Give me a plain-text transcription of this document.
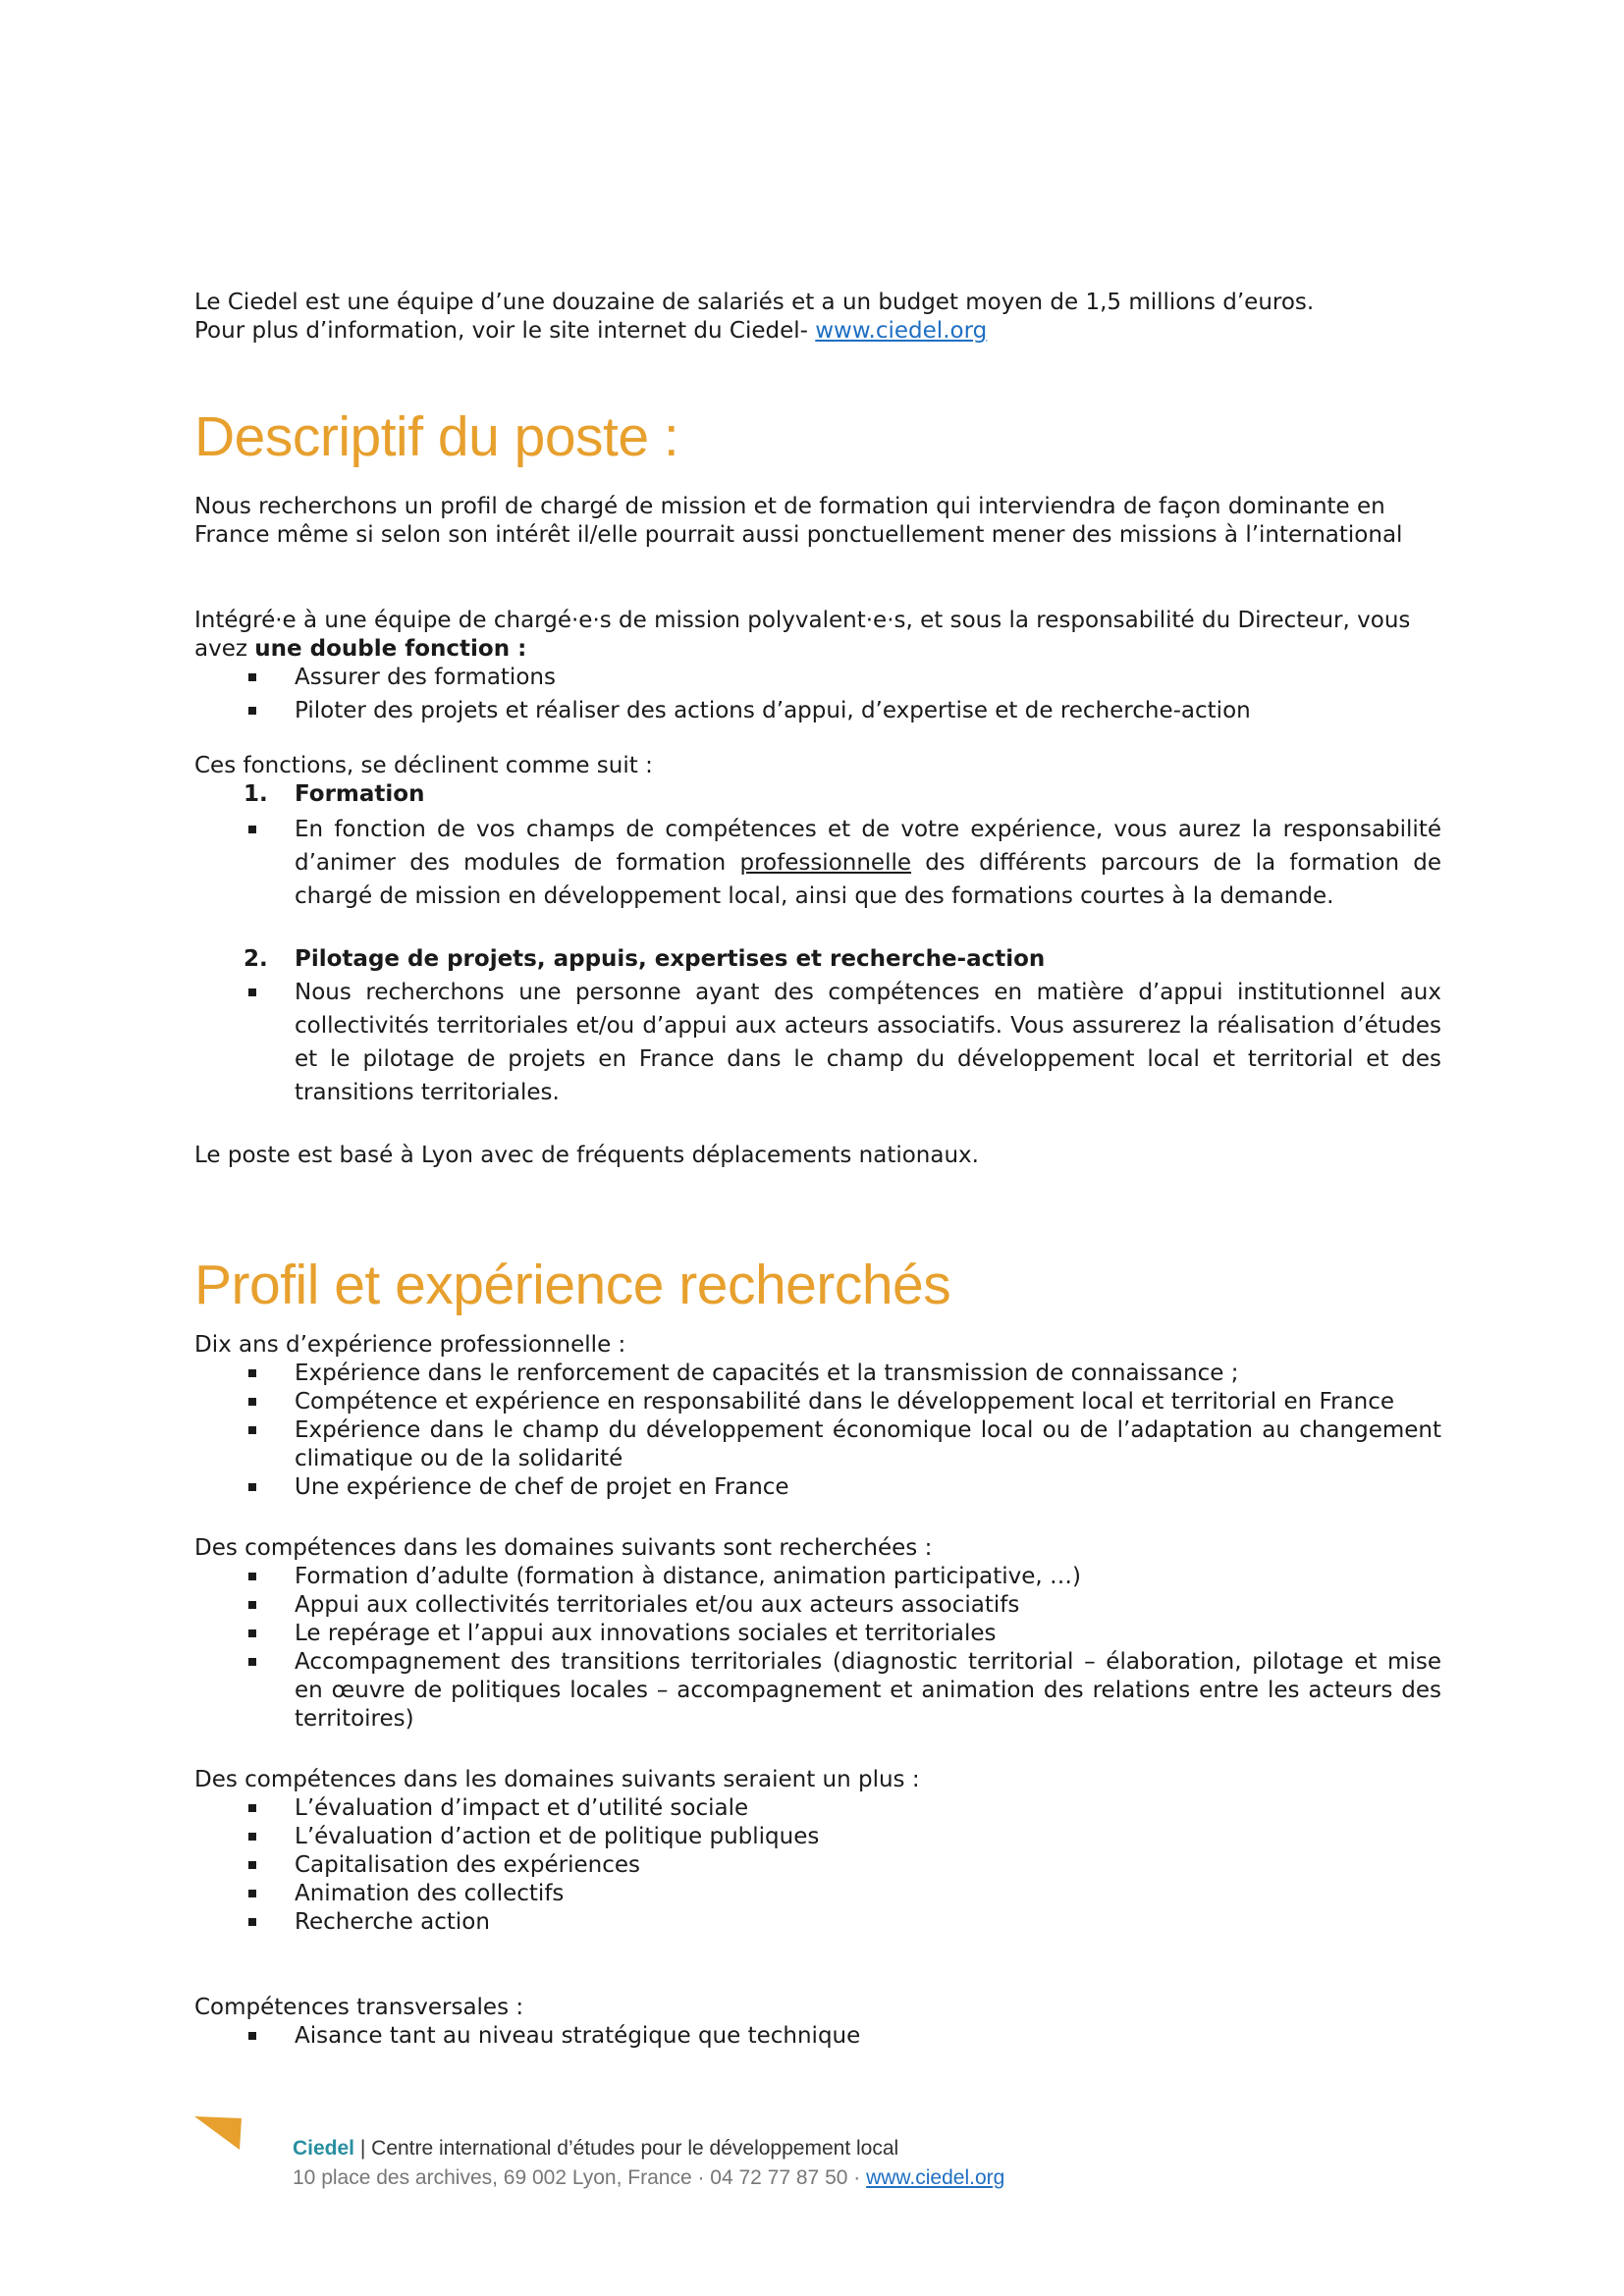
Le Ciedel est une équipe d’une douzaine de salariés et a un budget moyen de 1,5 millions d’euros.

Pour plus d’information, voir le site internet du Ciedel- www.ciedel.org

Descriptif du poste :

Nous recherchons un profil de chargé de mission et de formation qui interviendra de façon dominante en France même si selon son intérêt il/elle pourrait aussi ponctuellement mener des missions à l’international

Intégré·e à une équipe de chargé·e·s de mission polyvalent·e·s, et sous la responsabilité du Directeur, vous avez une double fonction :

Assurer des formations
Piloter des projets et réaliser des actions d’appui, d’expertise et de recherche-action

Ces fonctions, se déclinent comme suit :

1. Formation
En fonction de vos champs de compétences et de votre expérience, vous aurez la responsabilité d’animer des modules de formation professionnelle des différents parcours de la formation de chargé de mission en développement local, ainsi que des formations courtes à la demande.
2. Pilotage de projets, appuis, expertises et recherche-action
Nous recherchons une personne ayant des compétences en matière d’appui institutionnel aux collectivités territoriales et/ou d’appui aux acteurs associatifs. Vous assurerez la réalisation d’études et le pilotage de projets en France dans le champ du développement local et territorial et des transitions territoriales.

Le poste est basé à Lyon avec de fréquents déplacements nationaux.

Profil et expérience recherchés

Dix ans d’expérience professionnelle :

Expérience dans le renforcement de capacités et la transmission de connaissance ;
Compétence et expérience en responsabilité dans le développement local et territorial en France
Expérience dans le champ du développement économique local ou de l’adaptation au changement climatique ou de la solidarité
Une expérience de chef de projet en France

Des compétences dans les domaines suivants sont recherchées :

Formation d’adulte (formation à distance, animation participative, …)
Appui aux collectivités territoriales et/ou aux acteurs associatifs
Le repérage et l’appui aux innovations sociales et territoriales
Accompagnement des transitions territoriales (diagnostic territorial – élaboration, pilotage et mise en œuvre de politiques locales – accompagnement et animation des relations entre les acteurs des territoires)

Des compétences dans les domaines suivants seraient un plus :

L’évaluation d’impact et d’utilité sociale
L’évaluation d’action et de politique publiques
Capitalisation des expériences
Animation des collectifs
Recherche action

Compétences transversales :

Aisance tant au niveau stratégique que technique
Ciedel | Centre international d’études pour le développement local
10 place des archives, 69 002 Lyon, France · 04 72 77 87 50 · www.ciedel.org
